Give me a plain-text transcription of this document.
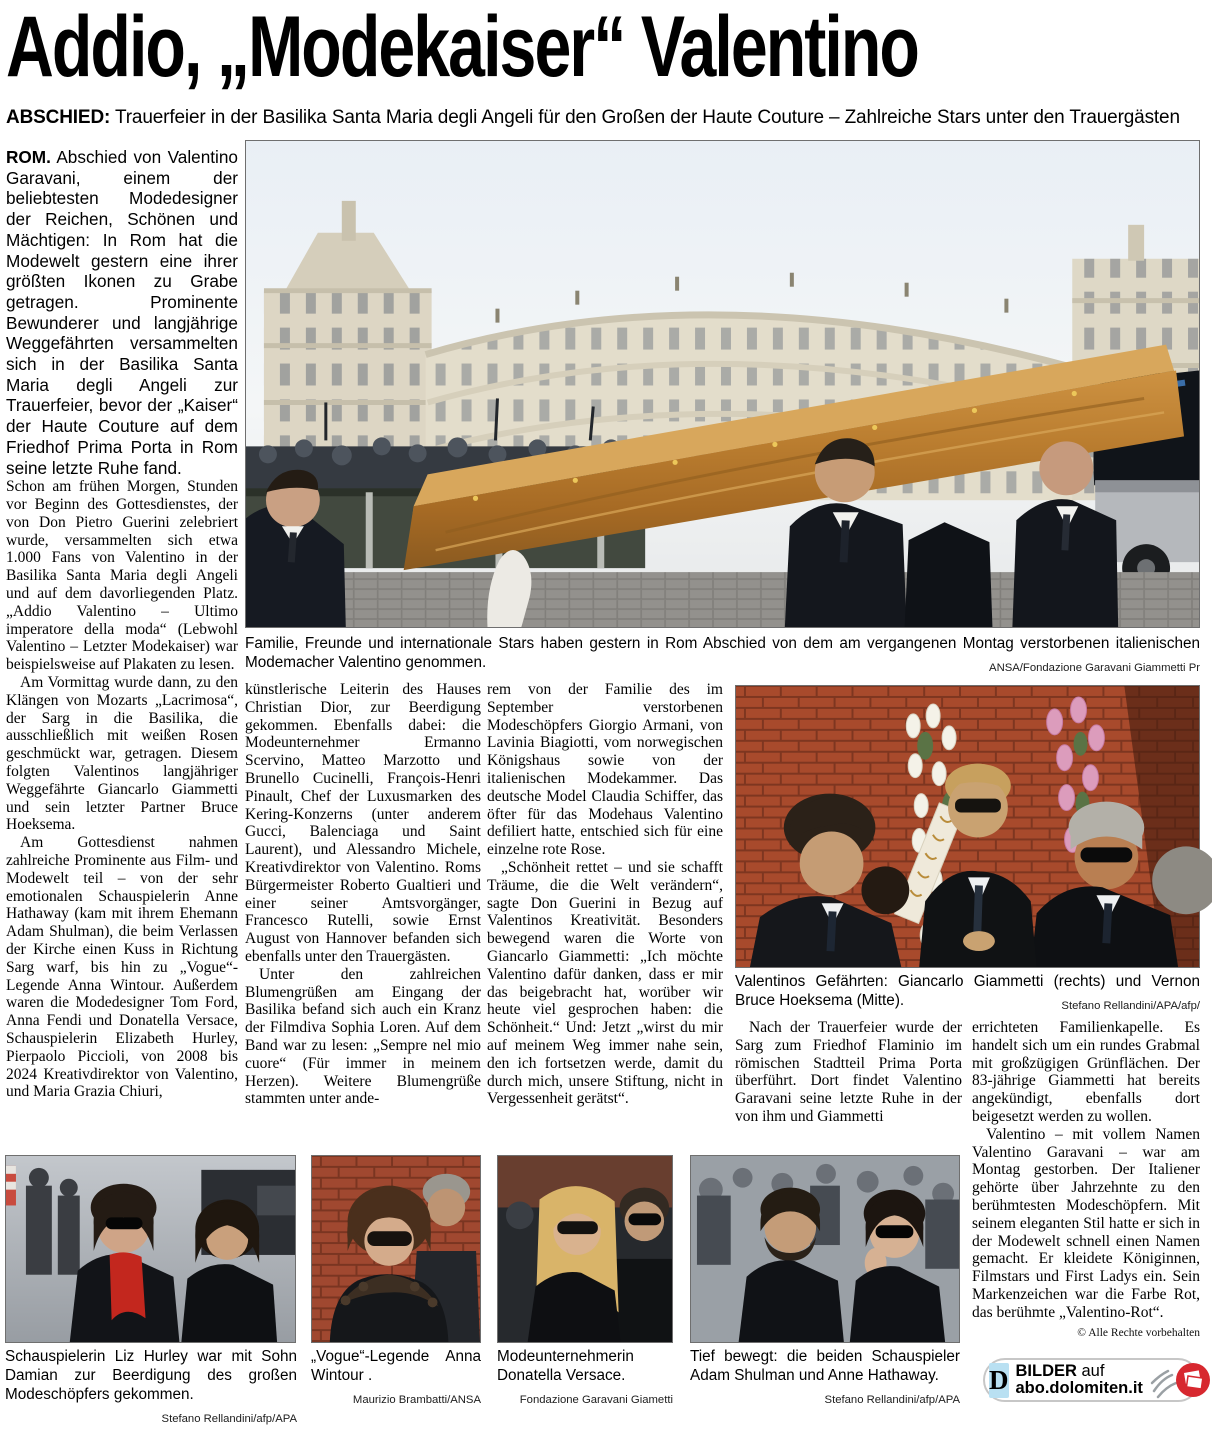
Addio, „Modekaiser“ Valentino
ABSCHIED: Trauerfeier in der Basilika Santa Maria degli Angeli für den Großen der Haute Couture – Zahlreiche Stars unter den Trauergästen

ROM. Abschied von Valentino Garavani, einem der beliebtesten Modedesigner der Reichen, Schönen und Mächtigen: In Rom hat die Modewelt gestern eine ihrer größten Ikonen zu Grabe getragen. Prominente Bewunderer und langjährige Weggefährten versammelten sich in der Basilika Santa Maria degli Angeli zur Trauerfeier, bevor der „Kaiser“ der Haute Couture auf dem Friedhof Prima Porta in Rom seine letzte Ruhe fand.

Schon am frühen Morgen, Stunden vor Beginn des Gottesdienstes, der von Don Pietro Guerini zelebriert wurde, versammelten sich etwa 1.000 Fans von Valentino in der Basilika Santa Maria degli Angeli und auf dem davorliegenden Platz. „Addio Valentino – Ultimo imperatore della moda“ (Lebwohl Valentino – Letzter Modekaiser) war beispielsweise auf Plakaten zu lesen.

Am Vormittag wurde dann, zu den Klängen von Mozarts „Lacrimosa“, der Sarg in die Basilika, die ausschließlich mit weißen Rosen geschmückt war, getragen. Diesem folgten Valentinos langjähriger Weggefährte Giancarlo Giammetti und sein letzter Partner Bruce Hoeksema.

Am Gottesdienst nahmen zahlreiche Prominente aus Film- und Modewelt teil – von der sehr emotionalen Schauspielerin Anne Hathaway (kam mit ihrem Ehemann Adam Shulman), die beim Verlassen der Kirche einen Kuss in Richtung Sarg warf, bis hin zu „Vogue“-Legende Anna Wintour. Außerdem waren die Modedesigner Tom Ford, Anna Fendi und Donatella Versace, Schauspielerin Elizabeth Hurley, Pierpaolo Piccioli, von 2008 bis 2024 Kreativdirektor von Valentino, und Maria Grazia Chiuri,

Familie, Freunde und internationale Stars haben gestern in Rom Abschied von dem am vergangenen Montag verstorbenen italienischen Modemacher Valentino genommen.	ANSA/Fondazione Garavani Giammetti Pr

künstlerische Leiterin des Hauses Christian Dior, zur Beerdigung gekommen. Ebenfalls dabei: die Modeunternehmer Ermanno Scervino, Matteo Marzotto und Brunello Cucinelli, François-Henri Pinault, Chef der Luxusmarken des Kering-Konzerns (unter anderem Gucci, Balenciaga und Saint Laurent), und Alessandro Michele, Kreativdirektor von Valentino. Roms Bürgermeister Roberto Gualtieri und einer seiner Amtsvorgänger, Francesco Rutelli, sowie Ernst August von Hannover befanden sich ebenfalls unter den Trauergästen.

Unter den zahlreichen Blumengrüßen am Eingang der Basilika befand sich auch ein Kranz der Filmdiva Sophia Loren. Auf dem Band war zu lesen: „Sempre nel mio cuore“ (Für immer in meinem Herzen). Weitere Blumengrüße stammten unter ande-

rem von der Familie des im September verstorbenen Modeschöpfers Giorgio Armani, von Lavinia Biagiotti, vom norwegischen Königshaus sowie von der italienischen Modekammer. Das deutsche Model Claudia Schiffer, das öfter für das Modehaus Valentino defiliert hatte, entschied sich für eine einzelne rote Rose.

„Schönheit rettet – und sie schafft Träume, die die Welt verändern“, sagte Don Guerini in Bezug auf Valentinos Kreativität. Besonders bewegend waren die Worte von Giancarlo Giammetti: „Ich möchte Valentino dafür danken, dass er mir das beigebracht hat, worüber wir heute viel gesprochen haben: die Schönheit.“ Und: Jetzt „wirst du mir auf meinem Weg immer nahe sein, den ich fortsetzen werde, damit du durch mich, unsere Stiftung, nicht in Vergessenheit gerätst“.

Valentinos Gefährten: Giancarlo Giammetti (rechts) und Vernon Bruce Hoeksema (Mitte).	Stefano Rellandini/APA/afp/

Nach der Trauerfeier wurde der Sarg zum Friedhof Flaminio im römischen Stadtteil Prima Porta überführt. Dort findet Valentino Garavani seine letzte Ruhe in der von ihm und Giammetti

errichteten Familienkapelle. Es handelt sich um ein rundes Grabmal mit großzügigen Grünflächen. Der 83-jährige Giammetti hat bereits angekündigt, ebenfalls dort beigesetzt werden zu wollen.

Valentino – mit vollem Namen Valentino Garavani – war am Montag gestorben. Der Italiener gehörte über Jahrzehnte zu den berühmtesten Modeschöpfern. Mit seinem eleganten Stil hatte er sich in der Modewelt schnell einen Namen gemacht. Er kleidete Königinnen, Filmstars und First Ladys ein. Sein Markenzeichen war die Farbe Rot, das berühmte „Valentino-Rot“.
© Alle Rechte vorbehalten

Schauspielerin Liz Hurley war mit Sohn Damian zur Beerdigung des großen Modeschöpfers gekommen.
Stefano Rellandini/afp/APA

„Vogue“-Legende Anna Wintour .
Maurizio Brambatti/ANSA

Modeunternehmerin Donatella Versace.
Fondazione Garavani Giametti

Tief bewegt: die beiden Schauspieler Adam Shulman und Anne Hathaway.
Stefano Rellandini/afp/APA

D BILDER auf
abo.dolomiten.it
